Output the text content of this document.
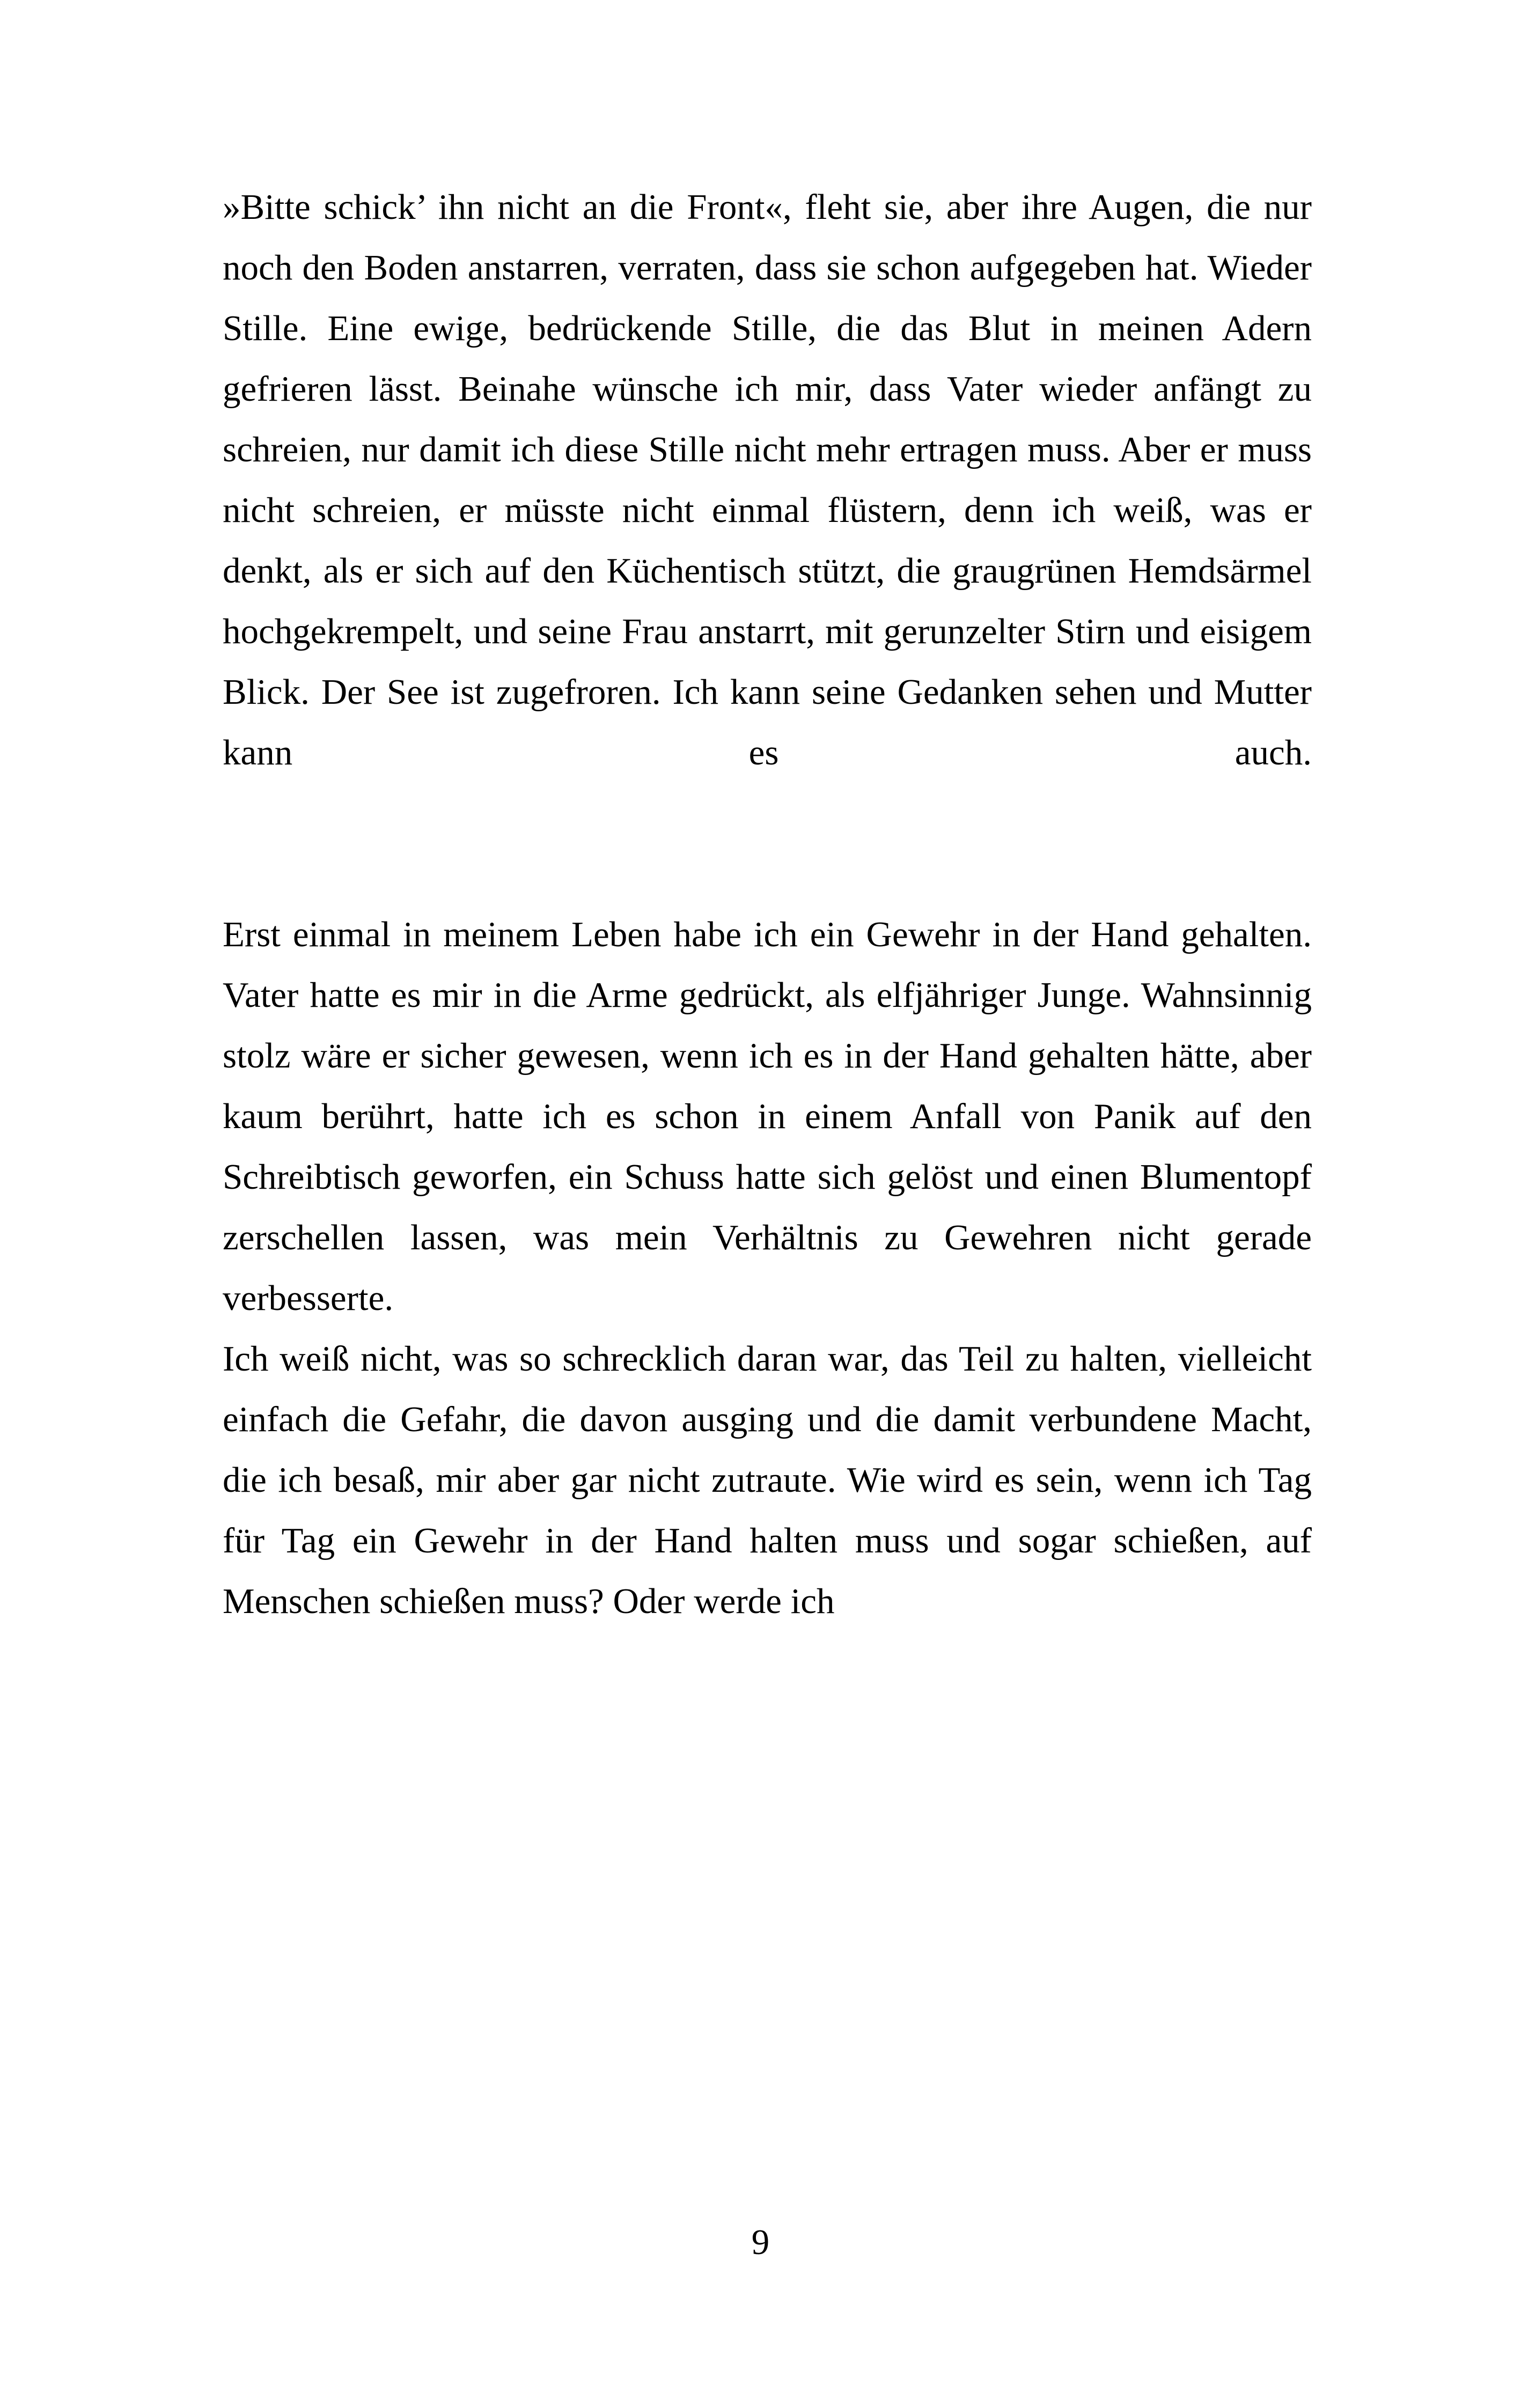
»Bitte schick’ ihn nicht an die Front«, fleht sie, aber ihre Augen, die nur noch den Boden anstarren, verraten, dass sie schon aufgegeben hat. Wieder Stille. Eine ewige, bedrückende Stille, die das Blut in meinen Adern gefrieren lässt. Beinahe wünsche ich mir, dass Vater wieder anfängt zu schreien, nur damit ich diese Stille nicht mehr ertragen muss. Aber er muss nicht schreien, er müsste nicht einmal flüstern, denn ich weiß, was er denkt, als er sich auf den Küchentisch stützt, die graugrünen Hemdsärmel hochgekrempelt, und seine Frau anstarrt, mit gerunzelter Stirn und eisigem Blick. Der See ist zugefroren. Ich kann seine Gedanken sehen und Mutter kann es auch.

Erst einmal in meinem Leben habe ich ein Gewehr in der Hand gehalten. Vater hatte es mir in die Arme gedrückt, als elfjähriger Junge. Wahnsinnig stolz wäre er sicher gewesen, wenn ich es in der Hand gehalten hätte, aber kaum berührt, hatte ich es schon in einem Anfall von Panik auf den Schreibtisch geworfen, ein Schuss hatte sich gelöst und einen Blumentopf zerschellen lassen, was mein Verhältnis zu Gewehren nicht gerade verbesserte.

Ich weiß nicht, was so schrecklich daran war, das Teil zu halten, vielleicht einfach die Gefahr, die davon ausging und die damit verbundene Macht, die ich besaß, mir aber gar nicht zutraute. Wie wird es sein, wenn ich Tag für Tag ein Gewehr in der Hand halten muss und sogar schießen, auf Menschen schießen muss? Oder werde ich

9
